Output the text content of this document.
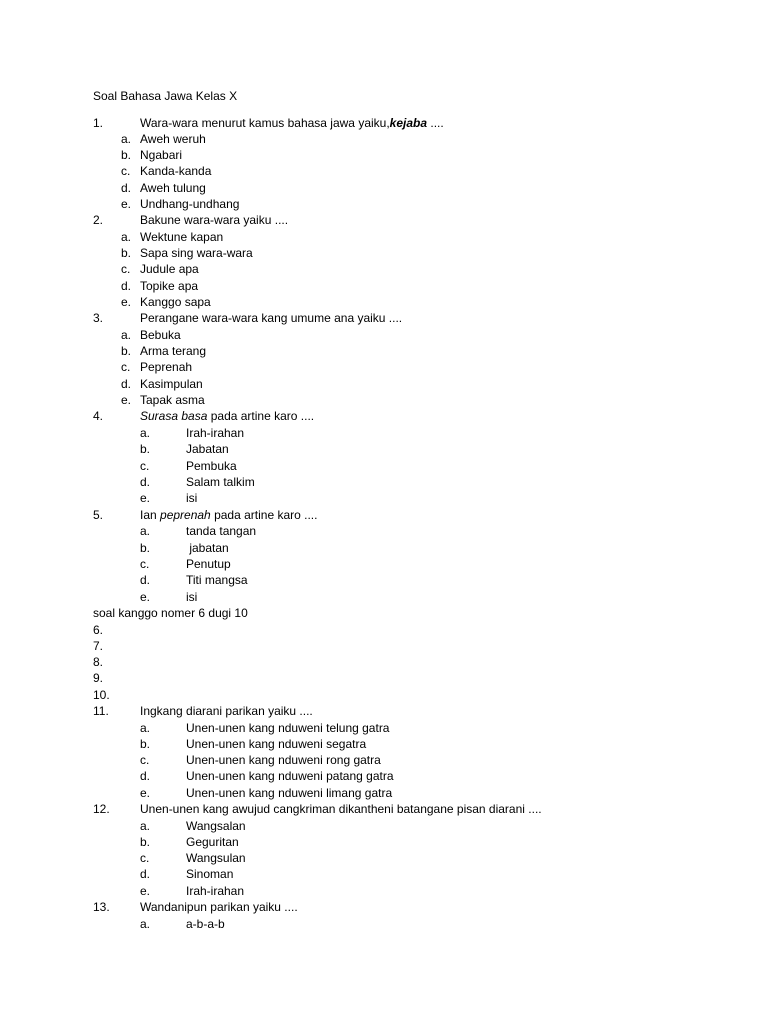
Soal Bahasa Jawa Kelas X
1.	Wara-wara menurut kamus bahasa jawa yaiku,kejaba ....
a. Aweh weruh
b. Ngabari
c. Kanda-kanda
d. Aweh tulung
e. Undhang-undhang
2.	Bakune wara-wara yaiku ....
a. Wektune kapan
b. Sapa sing wara-wara
c. Judule apa
d. Topike apa
e. Kanggo sapa
3.	Perangane wara-wara kang umume ana yaiku ....
a. Bebuka
b. Arma terang
c. Peprenah
d. Kasimpulan
e. Tapak asma
4.	Surasa basa pada artine karo ....
a.	Irah-irahan
b.	Jabatan
c.	Pembuka
d.	Salam talkim
e.	isi
5.	Ian peprenah pada artine karo ....
a.	tanda tangan
b.	jabatan
c.	Penutup
d.	Titi mangsa
e.	isi
soal kanggo nomer 6 dugi 10
6.
7.
8.
9.
10.
11.	Ingkang diarani parikan yaiku ....
a.	Unen-unen kang nduweni telung gatra
b.	Unen-unen kang nduweni segatra
c.	Unen-unen kang nduweni rong gatra
d.	Unen-unen kang nduweni patang gatra
e.	Unen-unen kang nduweni limang gatra
12.	Unen-unen kang awujud cangkriman dikantheni batangane pisan diarani ....
a.	Wangsalan
b.	Geguritan
c.	Wangsulan
d.	Sinoman
e.	Irah-irahan
13.	Wandanipun parikan yaiku ....
a.	a-b-a-b
